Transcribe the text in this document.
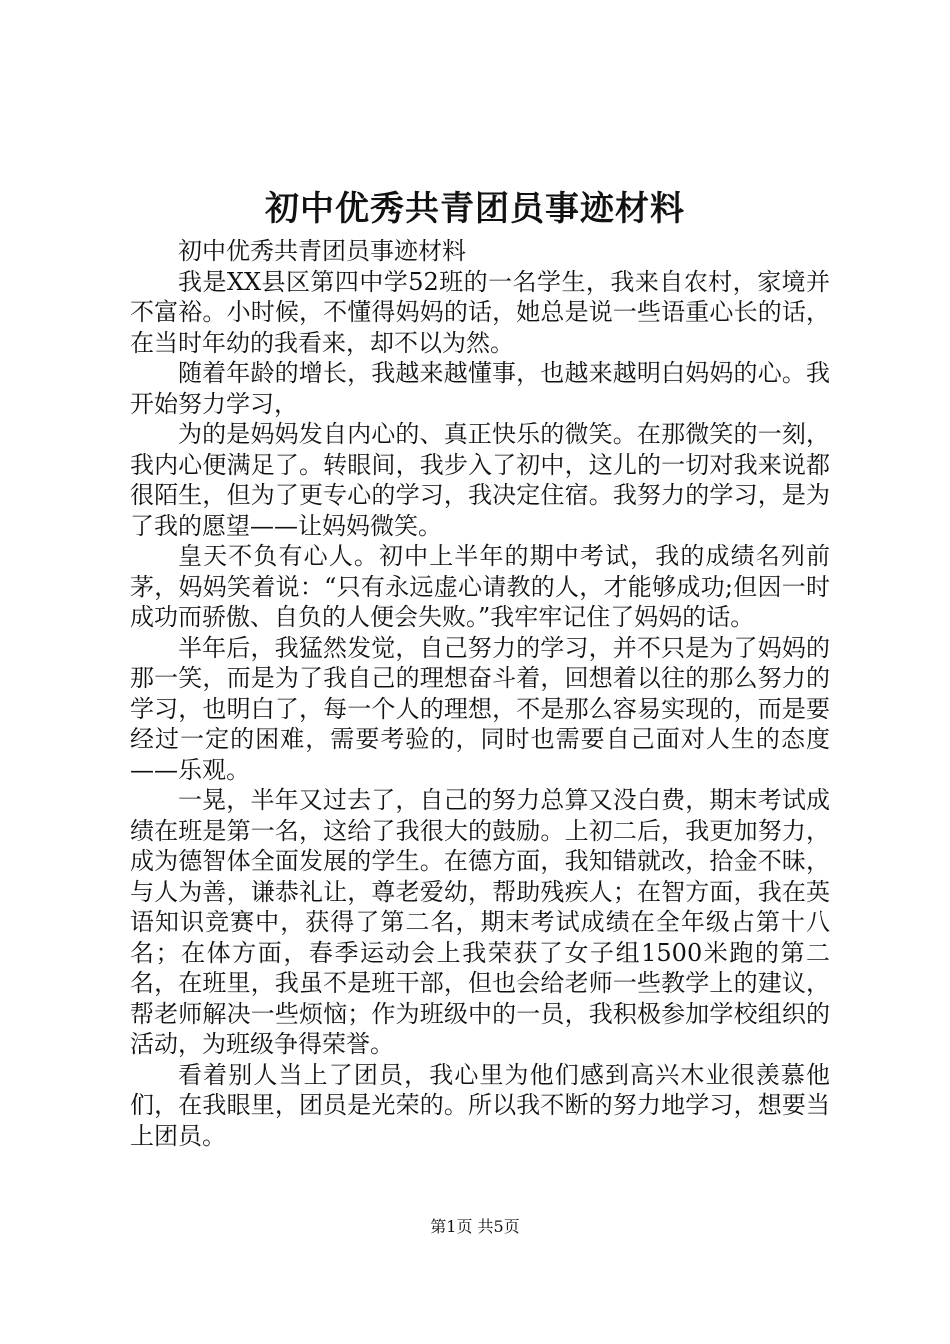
初中优秀共青团员事迹材料

初中优秀共青团员事迹材料

我是XX县区第四中学52班的一名学生，我来自农村，家境并不富裕。小时候，不懂得妈妈的话，她总是说一些语重心长的话，在当时年幼的我看来，却不以为然。

随着年龄的增长，我越来越懂事，也越来越明白妈妈的心。我开始努力学习，

为的是妈妈发自内心的、真正快乐的微笑。在那微笑的一刻，我内心便满足了。转眼间，我步入了初中，这儿的一切对我来说都很陌生，但为了更专心的学习，我决定住宿。我努力的学习，是为了我的愿望——让妈妈微笑。

皇天不负有心人。初中上半年的期中考试，我的成绩名列前茅，妈妈笑着说：“只有永远虚心请教的人，才能够成功;但因一时成功而骄傲、自负的人便会失败。”我牢牢记住了妈妈的话。

半年后，我猛然发觉，自己努力的学习，并不只是为了妈妈的那一笑，而是为了我自己的理想奋斗着，回想着以往的那么努力的学习，也明白了，每一个人的理想，不是那么容易实现的，而是要经过一定的困难，需要考验的，同时也需要自己面对人生的态度——乐观。

一晃，半年又过去了，自己的努力总算又没白费，期末考试成绩在班是第一名，这给了我很大的鼓励。上初二后，我更加努力，成为德智体全面发展的学生。在德方面，我知错就改，拾金不昧，与人为善，谦恭礼让，尊老爱幼，帮助残疾人；在智方面，我在英语知识竞赛中，获得了第二名，期末考试成绩在全年级占第十八名；在体方面，春季运动会上我荣获了女子组1500米跑的第二名，在班里，我虽不是班干部，但也会给老师一些教学上的建议，帮老师解决一些烦恼；作为班级中的一员，我积极参加学校组织的活动，为班级争得荣誉。

看着别人当上了团员，我心里为他们感到高兴木业很羡慕他们，在我眼里，团员是光荣的。所以我不断的努力地学习，想要当上团员。

第1页 共5页
